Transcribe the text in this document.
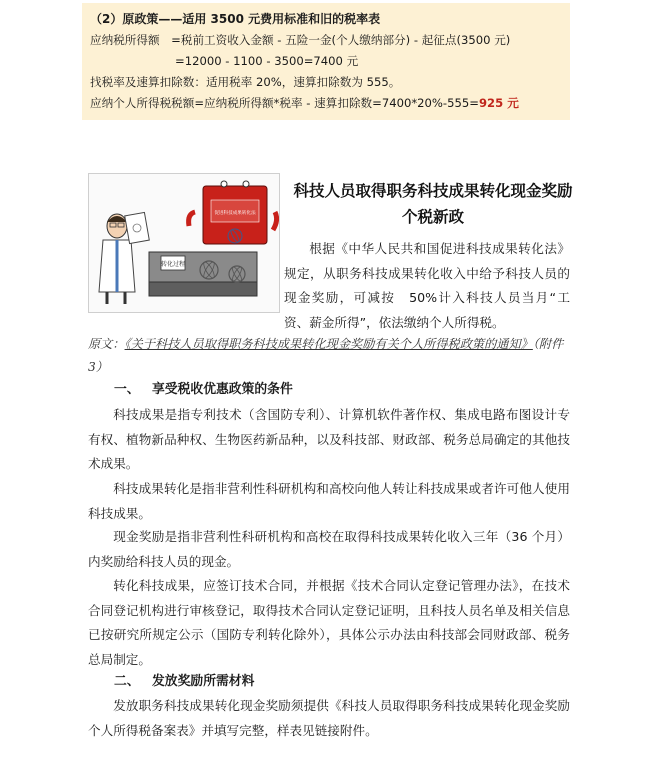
（2）原政策——适用 3500 元费用标准和旧的税率表
应纳税所得额　=税前工资收入金额 - 五险一金(个人缴纳部分) - 起征点(3500 元)
=12000 - 1100 - 3500=7400 元
找税率及速算扣除数：适用税率 20%，速算扣除数为 555。
应纳个人所得税税额=应纳税所得额*税率 - 速算扣除数=7400*20%-555=925 元
转化过程
促进科技成果转化法
科技人员取得职务科技成果转化现金奖励个税新政
根据《中华人民共和国促进科技成果转化法》规定，从职务科技成果转化收入中给予科技人员的现金奖励，可减按　50%计入科技人员当月“工资、薪金所得”，依法缴纳个人所得税。
原文：《关于科技人员取得职务科技成果转化现金奖励有关个人所得税政策的通知》（附件 3）
一、 享受税收优惠政策的条件
科技成果是指专利技术（含国防专利）、计算机软件著作权、集成电路布图设计专有权、植物新品种权、生物医药新品种，以及科技部、财政部、税务总局确定的其他技术成果。
科技成果转化是指非营利性科研机构和高校向他人转让科技成果或者许可他人使用科技成果。
现金奖励是指非营利性科研机构和高校在取得科技成果转化收入三年（36 个月）内奖励给科技人员的现金。
转化科技成果，应签订技术合同，并根据《技术合同认定登记管理办法》，在技术合同登记机构进行审核登记，取得技术合同认定登记证明，且科技人员名单及相关信息已按研究所规定公示（国防专利转化除外），具体公示办法由科技部会同财政部、税务总局制定。
二、 发放奖励所需材料
发放职务科技成果转化现金奖励须提供《科技人员取得职务科技成果转化现金奖励个人所得税备案表》并填写完整，样表见链接附件。
